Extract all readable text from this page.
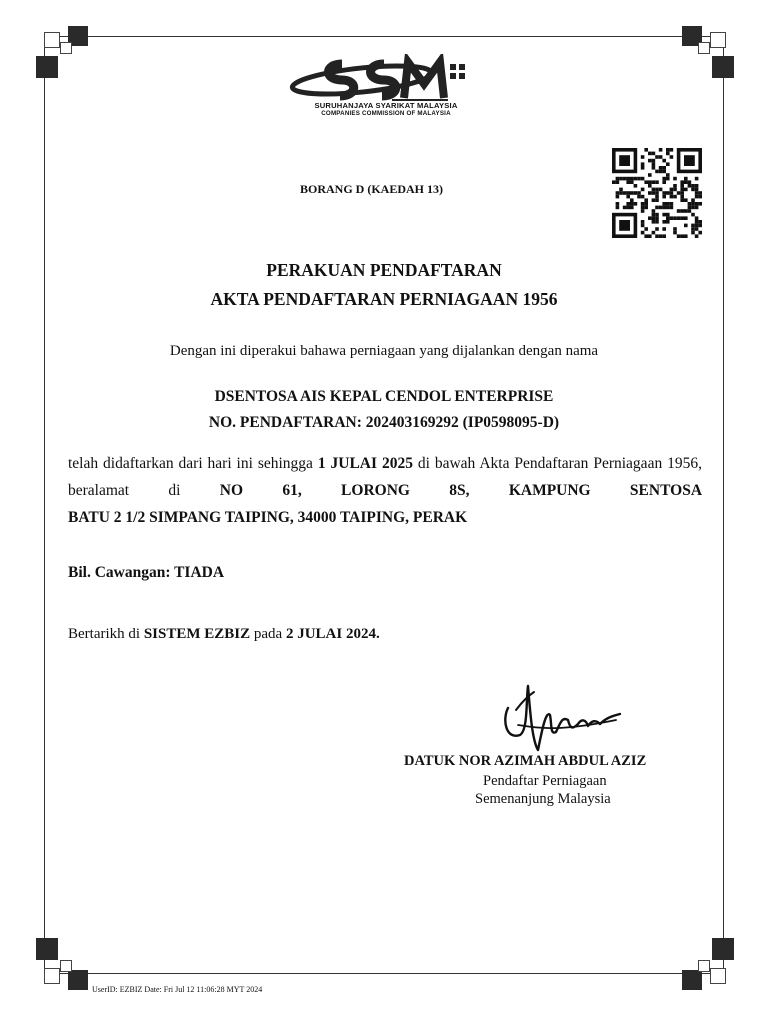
SURUHANJAYA SYARIKAT MALAYSIA
COMPANIES COMMISSION OF MALAYSIA
BORANG D (KAEDAH 13)
PERAKUAN PENDAFTARAN
AKTA PENDAFTARAN PERNIAGAAN 1956
Dengan ini diperakui bahawa perniagaan yang dijalankan dengan nama
DSENTOSA AIS KEPAL CENDOL ENTERPRISE
NO. PENDAFTARAN: 202403169292 (IP0598095-D)
telah didaftarkan dari hari ini sehingga 1 JULAI 2025 di bawah Akta Pendaftaran Perniagaan 1956, beralamat di NO 61, LORONG 8S, KAMPUNG SENTOSA
BATU 2 1/2 SIMPANG TAIPING, 34000 TAIPING, PERAK
Bil. Cawangan: TIADA
Bertarikh di SISTEM EZBIZ pada 2 JULAI 2024.
DATUK NOR AZIMAH ABDUL AZIZ
Pendaftar Perniagaan
Semenanjung Malaysia
UserID: EZBIZ Date: Fri Jul 12 11:06:28 MYT 2024
